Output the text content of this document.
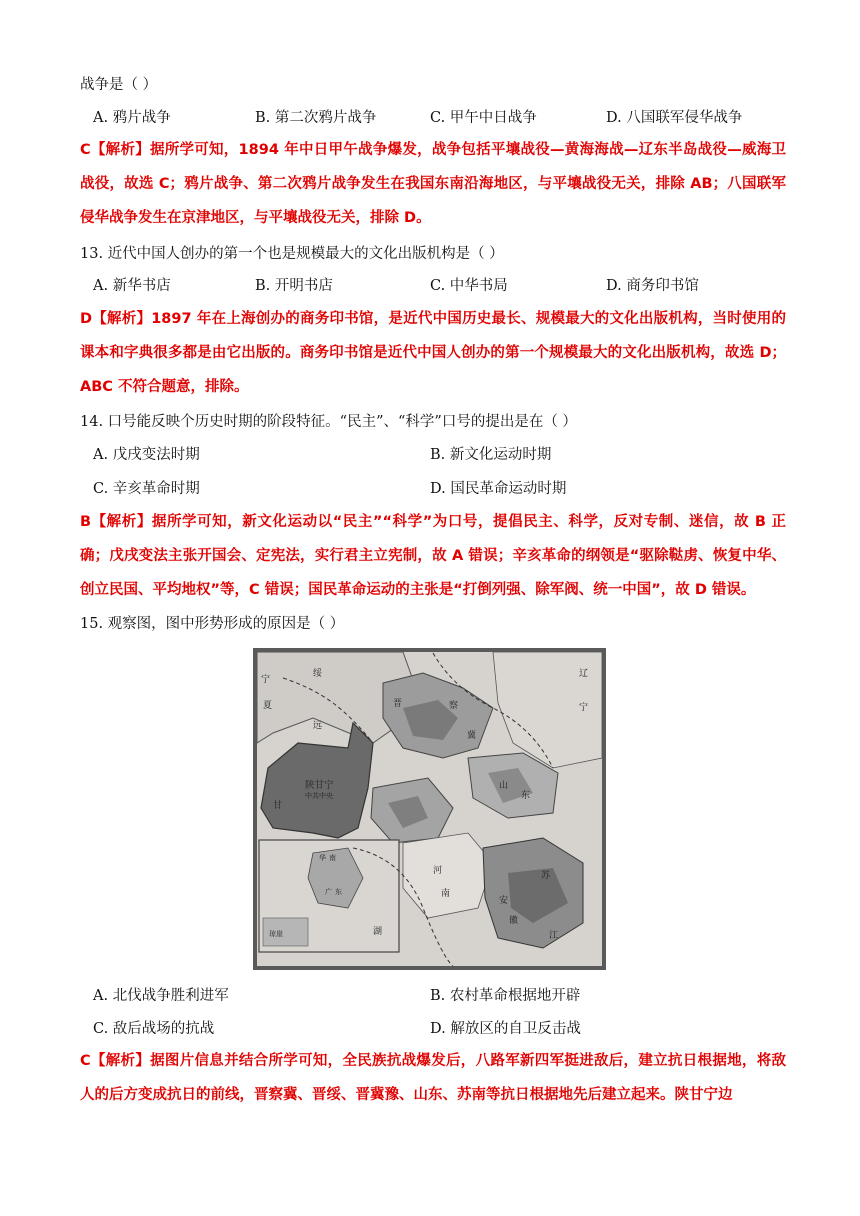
战争是（ ）
A. 鸦片战争	B. 第二次鸦片战争	C. 甲午中日战争	D. 八国联军侵华战争
C【解析】据所学可知，1894 年中日甲午战争爆发，战争包括平壤战役—黄海海战—辽东半岛战役—威海卫战役，故选 C；鸦片战争、第二次鸦片战争发生在我国东南沿海地区，与平壤战役无关，排除 AB；八国联军侵华战争发生在京津地区，与平壤战役无关，排除 D。
13. 近代中国人创办的第一个也是规模最大的文化出版机构是（ ）
A. 新华书店	B. 开明书店	C. 中华书局	D. 商务印书馆
D【解析】1897 年在上海创办的商务印书馆，是近代中国历史最长、规模最大的文化出版机构，当时使用的课本和字典很多都是由它出版的。商务印书馆是近代中国人创办的第一个规模最大的文化出版机构，故选 D；ABC 不符合题意，排除。
14. 口号能反映个历史时期的阶段特征。“民主”、“科学”口号的提出是在（ ）
A. 戊戌变法时期	B. 新文化运动时期
C. 辛亥革命时期	D. 国民革命运动时期
B【解析】据所学可知，新文化运动以“民主”“科学”为口号，提倡民主、科学，反对专制、迷信，故 B 正确；戊戌变法主张开国会、定宪法，实行君主立宪制，故 A 错误；辛亥革命的纲领是“驱除鞑虏、恢复中华、创立民国、平均地权”等，C 错误；国民革命运动的主张是“打倒列强、除军阀、统一中国”，故 D 错误。
15. 观察图，图中形势形成的原因是（ ）
宁
夏
绥
远
陕甘宁
中共中央
晋	察
冀
山
东
河
南
辽
宁
苏
安
徽
湖
甘
江
华 南
广 东
琼崖
A. 北伐战争胜利进军	B. 农村革命根据地开辟
C. 敌后战场的抗战	D. 解放区的自卫反击战
C【解析】据图片信息并结合所学可知，全民族抗战爆发后，八路军新四军挺进敌后，建立抗日根据地，将敌人的后方变成抗日的前线，晋察冀、晋绥、晋冀豫、山东、苏南等抗日根据地先后建立起来。陕甘宁边
